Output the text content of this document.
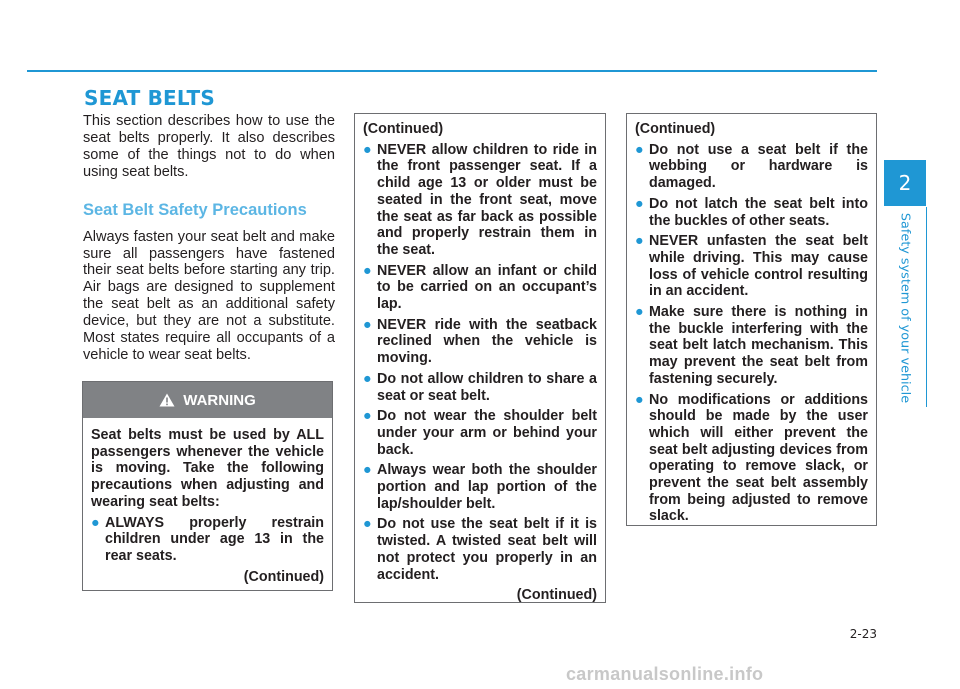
SEAT BELTS

This section describes how to use the seat belts properly. It also describes some of the things not to do when using seat belts.

Seat Belt Safety Precautions

Always fasten your seat belt and make sure all passengers have fastened their seat belts before starting any trip. Air bags are designed to supplement the seat belt as an additional safety device, but they are not a substitute. Most states require all occupants of a vehicle to wear seat belts.

WARNING

Seat belts must be used by ALL passengers whenever the vehicle is moving. Take the following precautions when adjusting and wearing seat belts:

● ALWAYS properly restrain children under age 13 in the rear seats.

(Continued)

(Continued)

● NEVER allow children to ride in the front passenger seat. If a child age 13 or older must be seated in the front seat, move the seat as far back as possible and properly restrain them in the seat.
● NEVER allow an infant or child to be carried on an occupant’s lap.
● NEVER ride with the seatback reclined when the vehicle is moving.
● Do not allow children to share a seat or seat belt.
● Do not wear the shoulder belt under your arm or behind your back.
● Always wear both the shoulder portion and lap portion of the lap/shoulder belt.
● Do not use the seat belt if it is twisted. A twisted seat belt will not protect you properly in an accident.

(Continued)

(Continued)

● Do not use a seat belt if the webbing or hardware is damaged.
● Do not latch the seat belt into the buckles of other seats.
● NEVER unfasten the seat belt while driving. This may cause loss of vehicle control resulting in an accident.
● Make sure there is nothing in the buckle interfering with the seat belt latch mechanism. This may prevent the seat belt from fastening securely.
● No modifications or additions should be made by the user which will either prevent the seat belt adjusting devices from operating to remove slack, or prevent the seat belt assembly from being adjusted to remove slack.
2
Safety system of your vehicle
2-23
carmanualsonline.info
